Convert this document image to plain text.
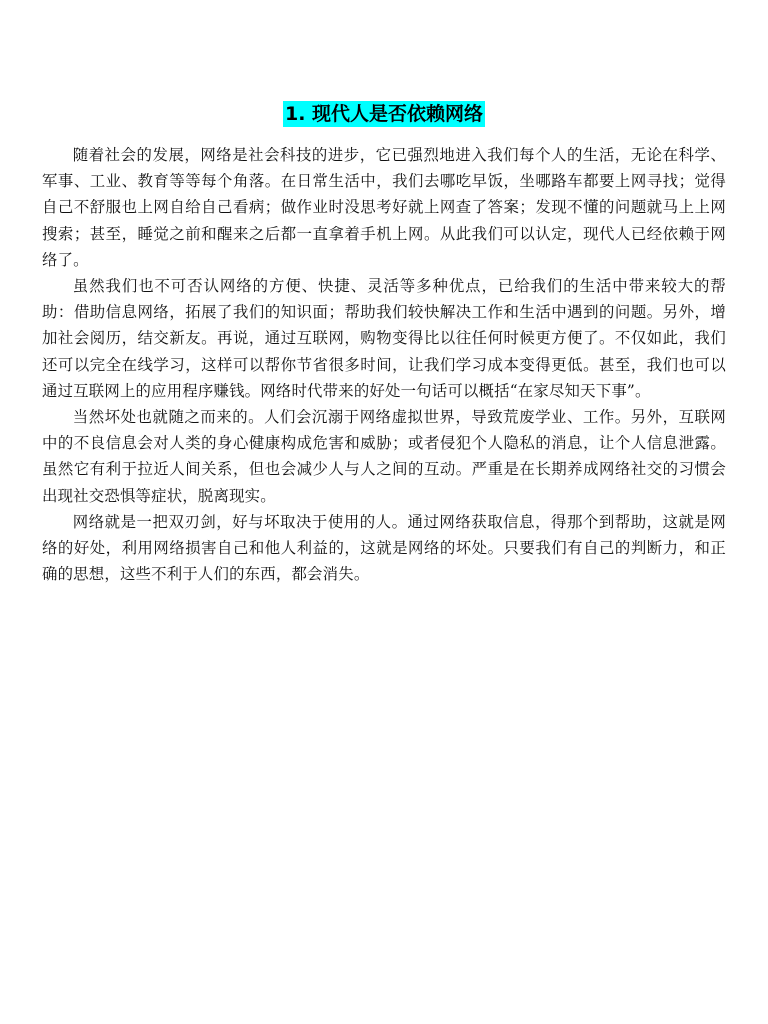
1. 现代人是否依赖网络

随着社会的发展，网络是社会科技的进步，它已强烈地进入我们每个人的生活，无论在科学、军事、工业、教育等等每个角落。在日常生活中，我们去哪吃早饭，坐哪路车都要上网寻找；觉得自己不舒服也上网自给自己看病；做作业时没思考好就上网查了答案；发现不懂的问题就马上上网搜索；甚至，睡觉之前和醒来之后都一直拿着手机上网。从此我们可以认定，现代人已经依赖于网络了。

虽然我们也不可否认网络的方便、快捷、灵活等多种优点，已给我们的生活中带来较大的帮助：借助信息网络，拓展了我们的知识面；帮助我们较快解决工作和生活中遇到的问题。另外，增加社会阅历，结交新友。再说，通过互联网，购物变得比以往任何时候更方便了。不仅如此，我们还可以完全在线学习，这样可以帮你节省很多时间，让我们学习成本变得更低。甚至，我们也可以通过互联网上的应用程序赚钱。网络时代带来的好处一句话可以概括“在家尽知天下事”。

当然坏处也就随之而来的。人们会沉溺于网络虚拟世界，导致荒废学业、工作。另外，互联网中的不良信息会对人类的身心健康构成危害和威胁；或者侵犯个人隐私的消息，让个人信息泄露。虽然它有利于拉近人间关系，但也会减少人与人之间的互动。严重是在长期养成网络社交的习惯会出现社交恐惧等症状，脱离现实。

网络就是一把双刃剑，好与坏取决于使用的人。通过网络获取信息，得那个到帮助，这就是网络的好处，利用网络损害自己和他人利益的，这就是网络的坏处。只要我们有自己的判断力，和正确的思想，这些不利于人们的东西，都会消失。
